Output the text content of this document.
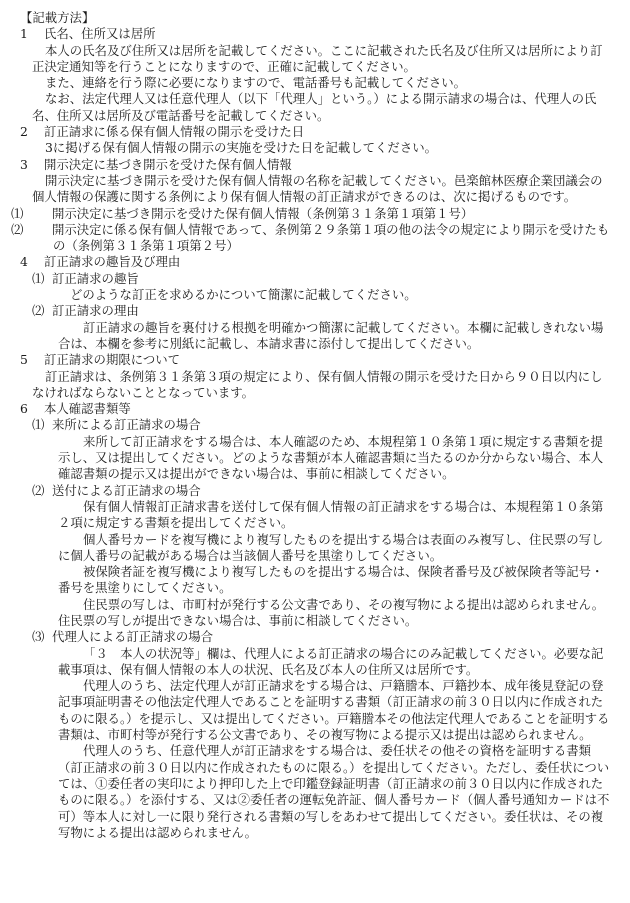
【記載方法】

1 氏名、住所又は居所

本人の氏名及び住所又は居所を記載してください。ここに記載された氏名及び住所又は居所により訂正決定通知等を行うことになりますので、正確に記載してください。

また、連絡を行う際に必要になりますので、電話番号も記載してください。

なお、法定代理人又は任意代理人（以下「代理人」という。）による開示請求の場合は、代理人の氏名、住所又は居所及び電話番号を記載してください。

2 訂正請求に係る保有個人情報の開示を受けた日

3に掲げる保有個人情報の開示の実施を受けた日を記載してください。

3 開示決定に基づき開示を受けた保有個人情報

開示決定に基づき開示を受けた保有個人情報の名称を記載してください。邑楽館林医療企業団議会の個人情報の保護に関する条例により保有個人情報の訂正請求ができるのは、次に掲げるものです。

⑴ 開示決定に基づき開示を受けた保有個人情報（条例第３１条第１項第１号）

⑵ 開示決定に係る保有個人情報であって、条例第２９条第１項の他の法令の規定により開示を受けたもの（条例第３１条第１項第２号）

4 訂正請求の趣旨及び理由

⑴ 訂正請求の趣旨

どのような訂正を求めるかについて簡潔に記載してください。

⑵ 訂正請求の理由

訂正請求の趣旨を裏付ける根拠を明確かつ簡潔に記載してください。本欄に記載しきれない場合は、本欄を参考に別紙に記載し、本請求書に添付して提出してください。

5 訂正請求の期限について

訂正請求は、条例第３１条第３項の規定により、保有個人情報の開示を受けた日から９０日以内にしなければならないこととなっています。

6 本人確認書類等

⑴ 来所による訂正請求の場合

来所して訂正請求をする場合は、本人確認のため、本規程第１０条第１項に規定する書類を提示し、又は提出してください。どのような書類が本人確認書類に当たるのか分からない場合、本人確認書類の提示又は提出ができない場合は、事前に相談してください。

⑵ 送付による訂正請求の場合

保有個人情報訂正請求書を送付して保有個人情報の訂正請求をする場合は、本規程第１０条第２項に規定する書類を提出してください。

個人番号カードを複写機により複写したものを提出する場合は表面のみ複写し、住民票の写しに個人番号の記載がある場合は当該個人番号を黒塗りしてください。

被保険者証を複写機により複写したものを提出する場合は、保険者番号及び被保険者等記号・番号を黒塗りにしてください。

住民票の写しは、市町村が発行する公文書であり、その複写物による提出は認められません。住民票の写しが提出できない場合は、事前に相談してください。

⑶ 代理人による訂正請求の場合

「３　本人の状況等」欄は、代理人による訂正請求の場合にのみ記載してください。必要な記載事項は、保有個人情報の本人の状況、氏名及び本人の住所又は居所です。

代理人のうち、法定代理人が訂正請求をする場合は、戸籍謄本、戸籍抄本、成年後見登記の登記事項証明書その他法定代理人であることを証明する書類（訂正請求の前３０日以内に作成されたものに限る。）を提示し、又は提出してください。戸籍謄本その他法定代理人であることを証明する書類は、市町村等が発行する公文書であり、その複写物による提示又は提出は認められません。

代理人のうち、任意代理人が訂正請求をする場合は、委任状その他その資格を証明する書類（訂正請求の前３０日以内に作成されたものに限る。）を提出してください。ただし、委任状については、①委任者の実印により押印した上で印鑑登録証明書（訂正請求の前３０日以内に作成されたものに限る。）を添付する、又は②委任者の運転免許証、個人番号カード（個人番号通知カードは不可）等本人に対し一に限り発行される書類の写しをあわせて提出してください。委任状は、その複写物による提出は認められません。
